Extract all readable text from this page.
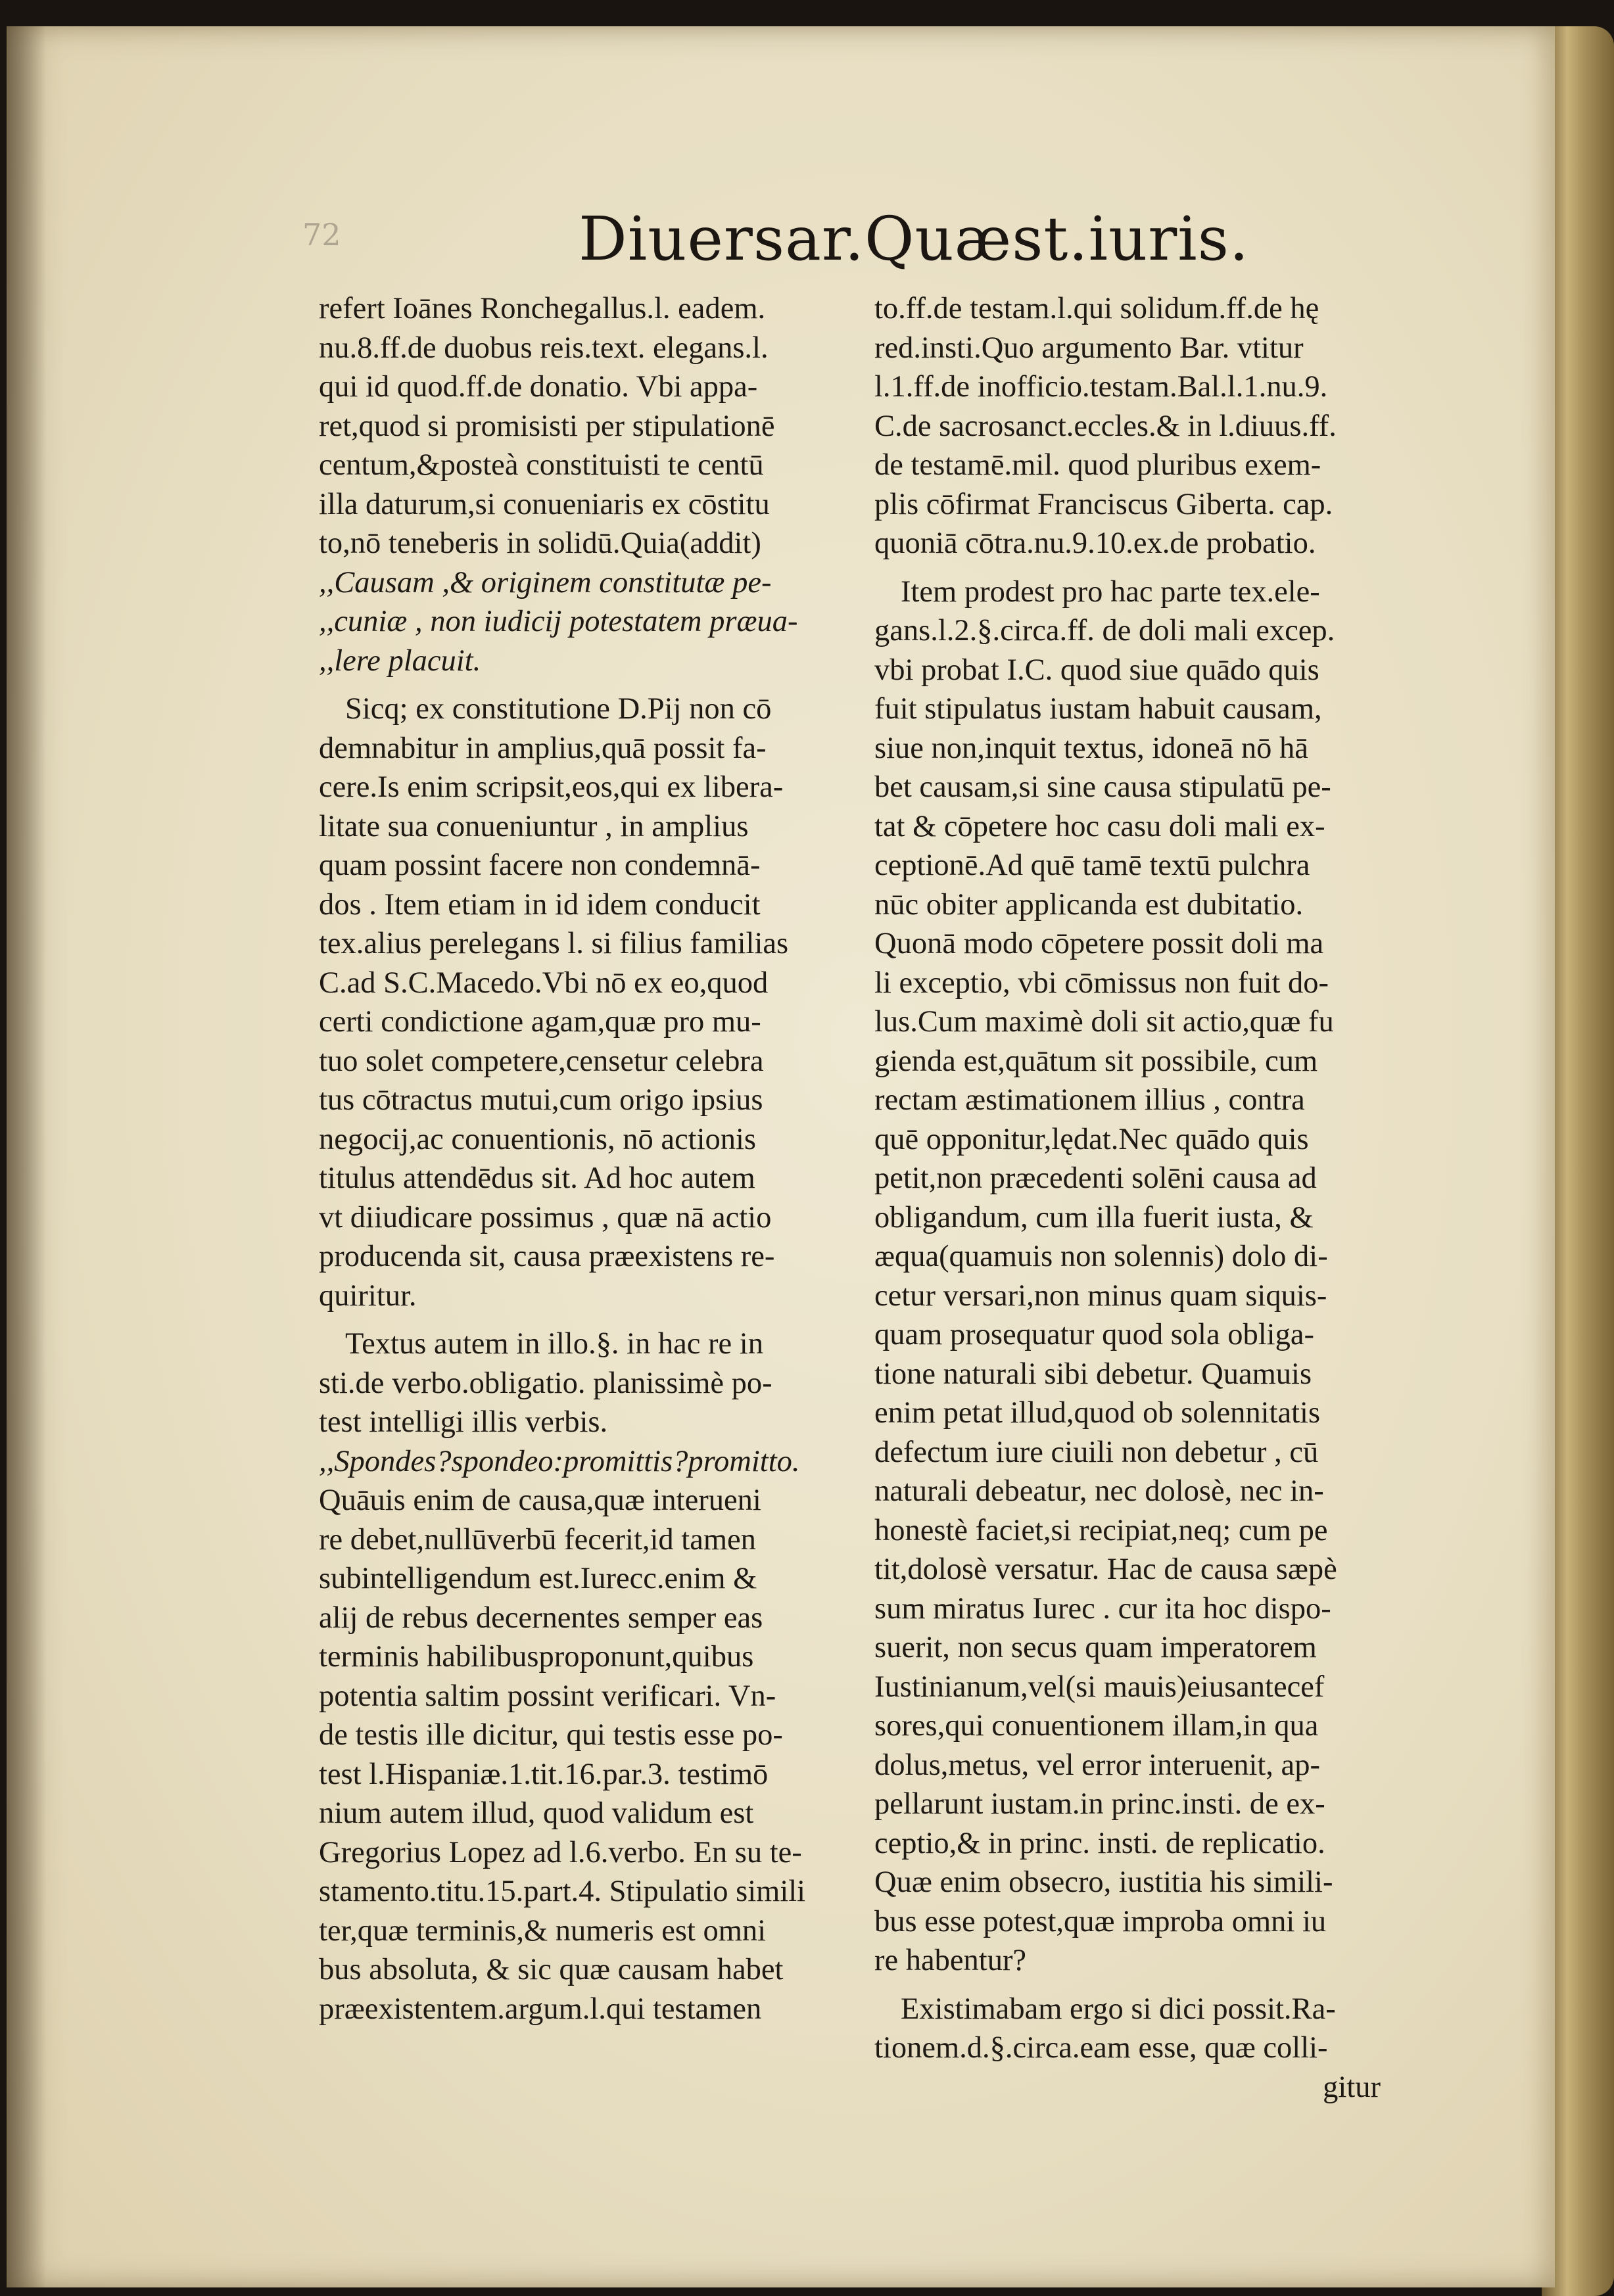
72	Diuersar.Quæst.iuris.
refert Ioānes Ronchegallus.l. eadem.
nu.8.ff.de duobus reis.text. elegans.l.
qui id quod.ff.de donatio. Vbi appa-
ret,quod si promisisti per stipulationē
centum,&posteà constituisti te centū
illa daturum,si conueniaris ex cōstitu
to,nō teneberis in solidū.Quia(addit)
,,Causam ,& originem constitutæ pe-
,,cuniæ , non iudicij potestatem præua-
,,lere placuit.
Sicq; ex constitutione D.Pij non cō
demnabitur in amplius,quā possit fa-
cere.Is enim scripsit,eos,qui ex libera-
litate sua conueniuntur , in amplius
quam possint facere non condemnā-
dos . Item etiam in id idem conducit
tex.alius perelegans l. si filius familias
C.ad S.C.Macedo.Vbi nō ex eo,quod
certi condictione agam,quæ pro mu-
tuo solet competere,censetur celebra
tus cōtractus mutui,cum origo ipsius
negocij,ac conuentionis, nō actionis
titulus attendēdus sit. Ad hoc autem
vt diiudicare possimus , quæ nā actio
producenda sit, causa præexistens re-
quiritur.
Textus autem in illo.§. in hac re in
sti.de verbo.obligatio. planissimè po-
test intelligi illis verbis.
,,Spondes?spondeo:promittis?promitto.
Quāuis enim de causa,quæ interueni
re debet,nullūverbū fecerit,id tamen
subintelligendum est.Iurecc.enim &
alij de rebus decernentes semper eas
terminis habilibusproponunt,quibus
potentia saltim possint verificari. Vn-
de testis ille dicitur, qui testis esse po-
test l.Hispaniæ.1.tit.16.par.3. testimō
nium autem illud, quod validum est
Gregorius Lopez ad l.6.verbo. En su te-
stamento.titu.15.part.4. Stipulatio simili
ter,quæ terminis,& numeris est omni
bus absoluta, & sic quæ causam habet
præexistentem.argum.l.qui testamen
to.ff.de testam.l.qui solidum.ff.de hę
red.insti.Quo argumento Bar. vtitur
l.1.ff.de inofficio.testam.Bal.l.1.nu.9.
C.de sacrosanct.eccles.& in l.diuus.ff.
de testamē.mil. quod pluribus exem-
plis cōfirmat Franciscus Giberta. cap.
quoniā cōtra.nu.9.10.ex.de probatio.
Item prodest pro hac parte tex.ele-
gans.l.2.§.circa.ff. de doli mali excep.
vbi probat I.C. quod siue quādo quis
fuit stipulatus iustam habuit causam,
siue non,inquit textus, idoneā nō hā
bet causam,si sine causa stipulatū pe-
tat & cōpetere hoc casu doli mali ex-
ceptionē.Ad quē tamē textū pulchra
nūc obiter applicanda est dubitatio.
Quonā modo cōpetere possit doli ma
li exceptio, vbi cōmissus non fuit do-
lus.Cum maximè doli sit actio,quæ fu
gienda est,quātum sit possibile, cum
rectam æstimationem illius , contra
quē opponitur,lędat.Nec quādo quis
petit,non præcedenti solēni causa ad
obligandum, cum illa fuerit iusta, &
æqua(quamuis non solennis) dolo di-
cetur versari,non minus quam siquis-
quam prosequatur quod sola obliga-
tione naturali sibi debetur. Quamuis
enim petat illud,quod ob solennitatis
defectum iure ciuili non debetur , cū
naturali debeatur, nec dolosè, nec in-
honestè faciet,si recipiat,neq; cum pe
tit,dolosè versatur. Hac de causa sæpè
sum miratus Iurec . cur ita hoc dispo-
suerit, non secus quam imperatorem
Iustinianum,vel(si mauis)eiusantecef
sores,qui conuentionem illam,in qua
dolus,metus, vel error interuenit, ap-
pellarunt iustam.in princ.insti. de ex-
ceptio,& in princ. insti. de replicatio.
Quæ enim obsecro, iustitia his simili-
bus esse potest,quæ improba omni iu
re habentur?
Existimabam ergo si dici possit.Ra-
tionem.d.§.circa.eam esse, quæ colli-
gitur
